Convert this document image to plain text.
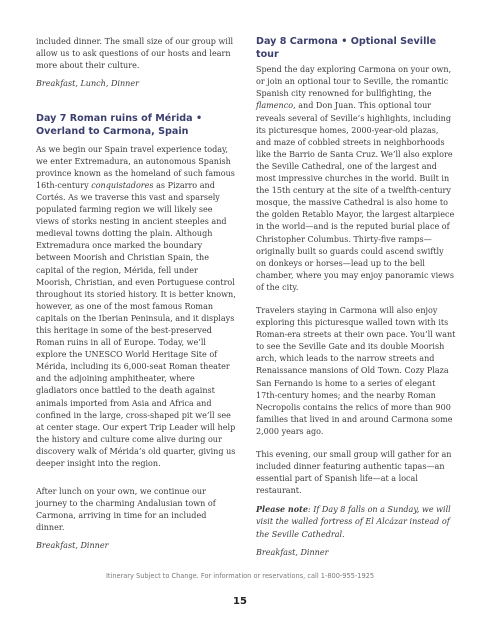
included dinner. The small size of our group will allow us to ask questions of our hosts and learn more about their culture.

Breakfast, Lunch, Dinner

Day 7 Roman ruins of Mérida • Overland to Carmona, Spain

As we begin our Spain travel experience today, we enter Extremadura, an autonomous Spanish province known as the homeland of such famous 16th-century conquistadores as Pizarro and Cortés. As we traverse this vast and sparsely populated farming region we will likely see views of storks nesting in ancient steeples and medieval towns dotting the plain. Although Extremadura once marked the boundary between Moorish and Christian Spain, the capital of the region, Mérida, fell under Moorish, Christian, and even Portuguese control throughout its storied history. It is better known, however, as one of the most famous Roman capitals on the Iberian Peninsula, and it displays this heritage in some of the best-preserved Roman ruins in all of Europe. Today, we’ll explore the UNESCO World Heritage Site of Mérida, including its 6,000-seat Roman theater and the adjoining amphitheater, where gladiators once battled to the death against animals imported from Asia and Africa and confined in the large, cross-shaped pit we’ll see at center stage. Our expert Trip Leader will help the history and culture come alive during our discovery walk of Mérida’s old quarter, giving us deeper insight into the region.

After lunch on your own, we continue our journey to the charming Andalusian town of Carmona, arriving in time for an included dinner.

Breakfast, Dinner

Day 8 Carmona • Optional Seville tour

Spend the day exploring Carmona on your own, or join an optional tour to Seville, the romantic Spanish city renowned for bullfighting, the flamenco, and Don Juan. This optional tour reveals several of Seville’s highlights, including its picturesque homes, 2000-year-old plazas, and maze of cobbled streets in neighborhoods like the Barrio de Santa Cruz. We’ll also explore the Seville Cathedral, one of the largest and most impressive churches in the world. Built in the 15th century at the site of a twelfth-century mosque, the massive Cathedral is also home to the golden Retablo Mayor, the largest altarpiece in the world—and is the reputed burial place of Christopher Columbus. Thirty-five ramps—originally built so guards could ascend swiftly on donkeys or horses—lead up to the bell chamber, where you may enjoy panoramic views of the city.

Travelers staying in Carmona will also enjoy exploring this picturesque walled town with its Roman-era streets at their own pace. You’ll want to see the Seville Gate and its double Moorish arch, which leads to the narrow streets and Renaissance mansions of Old Town. Cozy Plaza San Fernando is home to a series of elegant 17th-century homes; and the nearby Roman Necropolis contains the relics of more than 900 families that lived in and around Carmona some 2,000 years ago.

This evening, our small group will gather for an included dinner featuring authentic tapas—an essential part of Spanish life—at a local restaurant.

Please note: If Day 8 falls on a Sunday, we will visit the walled fortress of El Alcázar instead of the Seville Cathedral.

Breakfast, Dinner

Itinerary Subject to Change. For information or reservations, call 1-800-955-1925
15
